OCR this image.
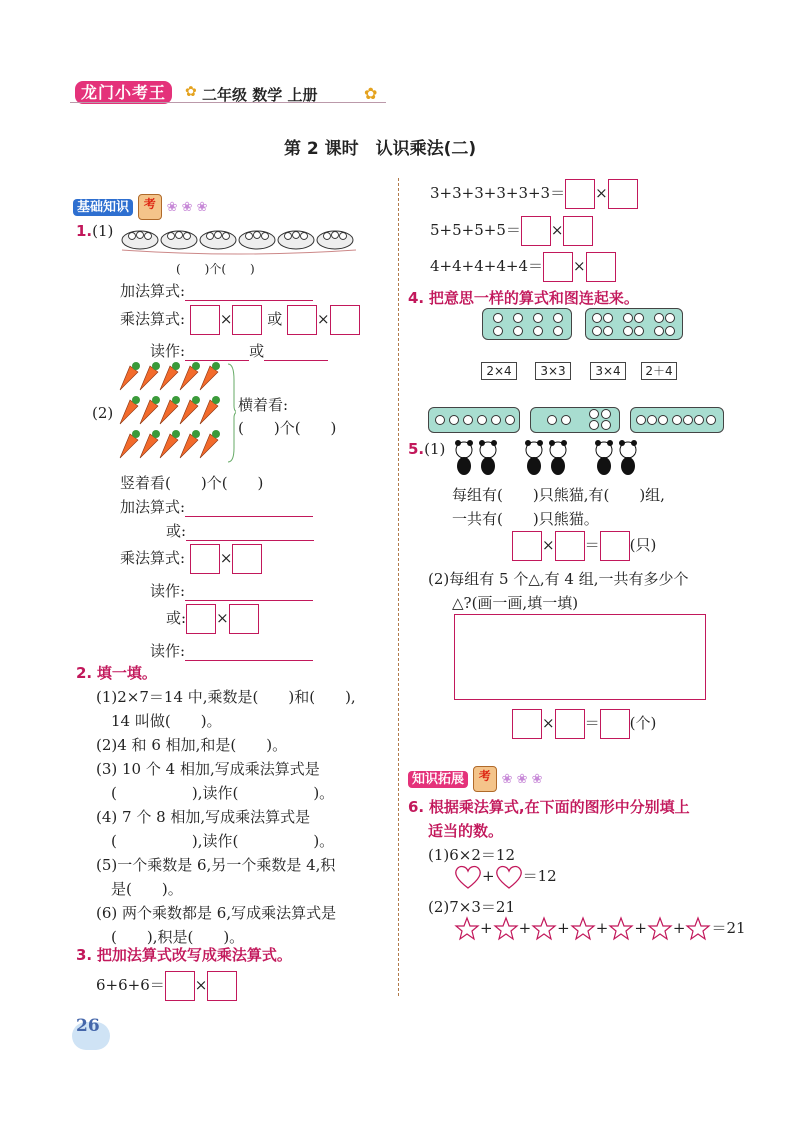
龙门小考王	✿ 二年级 数学 上册	✿
第 2 课时　认识乘法(二)
基础知识 考 ❀ ❀ ❀
1.(1)
(　　)个(　　)
加法算式:
乘法算式: × 或 ×
读作:	或
(2)	横着看:
(　　)个(　　)
竖着看(　　)个(　　)
加法算式:
或:
乘法算式: ×
读作:
或: ×
读作:
2. 填一填。
(1)2×7＝14 中,乘数是(　　)和(　　),
　14 叫做(　　)。
(2)4 和 6 相加,和是(　　)。
(3) 10 个 4 相加,写成乘法算式是
　(　　　　　),读作(　　　　　)。
(4) 7 个 8 相加,写成乘法算式是
　(　　　　　),读作(　　　　　)。
(5)一个乘数是 6,另一个乘数是 4,积
　是(　　)。
(6) 两个乘数都是 6,写成乘法算式是
　(　　),积是(　　)。
3. 把加法算式改写成乘法算式。
6+6+6＝ ×
26
3+3+3+3+3+3＝ ×
5+5+5+5＝ ×
4+4+4+4+4＝ ×
4. 把意思一样的算式和图连起来。
2×4	3×3	3×4	2＋4
5.(1)
每组有(　　)只熊猫,有(　　)组,
一共有(　　)只熊猫。
× ＝ (只)
(2)每组有 5 个△,有 4 组,一共有多少个
△?(画一画,填一填)
× ＝ (个)
知识拓展 考 ❀ ❀ ❀
6. 根据乘法算式,在下面的图形中分别填上
适当的数。
(1)6×2＝12
+ ＝12
(2)7×3＝21
+ + + + + + ＝21
